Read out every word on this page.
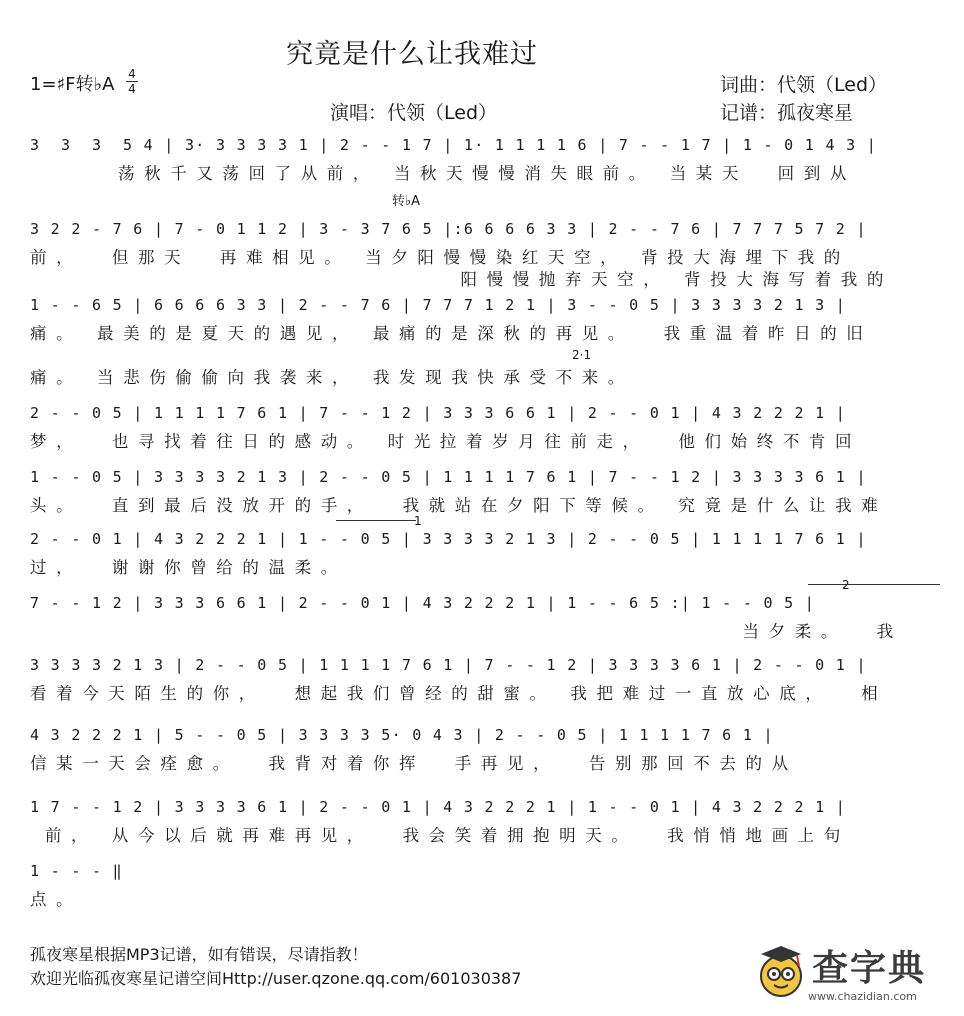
究竟是什么让我难过
1=♯F转♭A 4
4	词曲：代领（Led）
演唱：代领（Led）	记谱：孤夜寒星
3  3  3  5 4 | 3· 3 3 3 3 1 | 2 - - 1 7 | 1· 1 1 1 1 6 | 7 - - 1 7 | 1 - 0 1 4 3 |
荡秋千又荡回了从前， 当秋天慢慢消失眼前。 当某天  回到从
转♭A
3 2 2 - 7 6 | 7 - 0 1 1 2 | 3 - 3 7 6 5 |:6 6 6 6 3 3 | 2 - - 7 6 | 7 7 7 5 7 2 |
前，  但那天  再难相见。 当夕阳慢慢染红天空， 背投大海埋下我的
阳慢慢抛弃天空， 背投大海写着我的
1 - - 6 5 | 6 6 6 6 3 3 | 2 - - 7 6 | 7 7 7 1 2 1 | 3 - - 0 5 | 3 3 3 3 2 1 3 |
痛。 最美的是夏天的遇见， 最痛的是深秋的再见。  我重温着昨日的旧
2·1
痛。 当悲伤偷偷向我袭来， 我发现我快承受不来。
2 - - 0 5 | 1 1 1 1 7 6 1 | 7 - - 1 2 | 3 3 3 6 6 1 | 2 - - 0 1 | 4 3 2 2 2 1 |
梦，  也寻找着往日的感动。 时光拉着岁月往前走，  他们始终不肯回
1 - - 0 5 | 3 3 3 3 2 1 3 | 2 - - 0 5 | 1 1 1 1 7 6 1 | 7 - - 1 2 | 3 3 3 3 6 1 |
头。  直到最后没放开的手，  我就站在夕阳下等候。 究竟是什么让我难
1
2 - - 0 1 | 4 3 2 2 2 1 | 1 - - 0 5 | 3 3 3 3 2 1 3 | 2 - - 0 5 | 1 1 1 1 7 6 1 |
过，  谢谢你曾给的温柔。
2
7 - - 1 2 | 3 3 3 6 6 1 | 2 - - 0 1 | 4 3 2 2 2 1 | 1 - - 6 5 :| 1 - - 0 5 |
当夕柔。  我
3 3 3 3 2 1 3 | 2 - - 0 5 | 1 1 1 1 7 6 1 | 7 - - 1 2 | 3 3 3 3 6 1 | 2 - - 0 1 |
看着今天陌生的你，  想起我们曾经的甜蜜。 我把难过一直放心底，  相
4 3 2 2 2 1 | 5 - - 0 5 | 3 3 3 3 5· 0 4 3 | 2 - - 0 5 | 1 1 1 1 7 6 1 |
信某一天会痊愈。  我背对着你挥  手再见，  告别那回不去的从
1 7 - - 1 2 | 3 3 3 3 6 1 | 2 - - 0 1 | 4 3 2 2 2 1 | 1 - - 0 1 | 4 3 2 2 2 1 |
前， 从今以后就再难再见，  我会笑着拥抱明天。  我悄悄地画上句
1 - - - ‖
点。
孤夜寒星根据MP3记谱，如有错误，尽请指教！
欢迎光临孤夜寒星记谱空间Http://user.qzone.qq.com/601030387	查字典
www.chazidian.com
